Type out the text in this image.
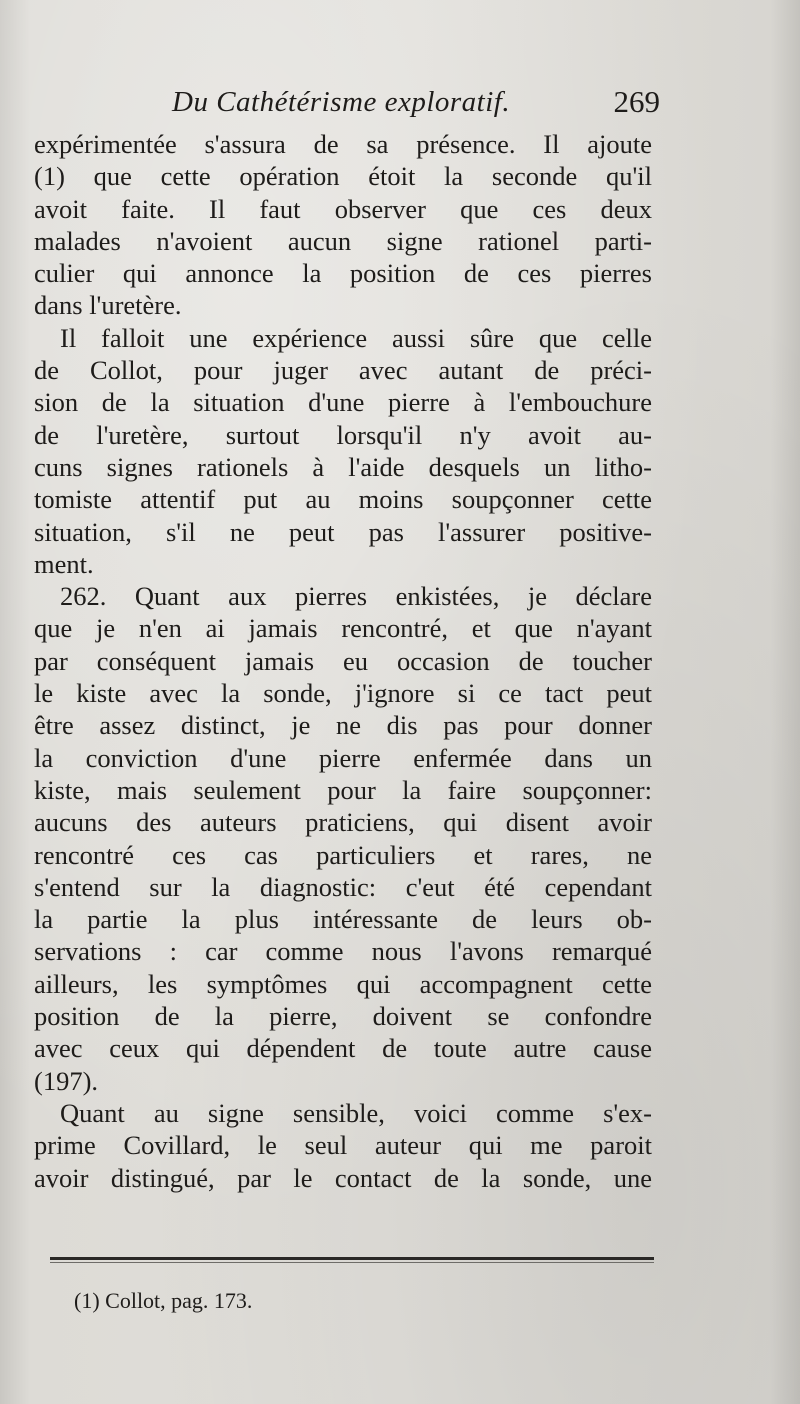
Du Cathétérisme exploratif.	269
expérimentée s'assura de sa présence. Il ajoute
(1) que cette opération étoit la seconde qu'il
avoit faite. Il faut observer que ces deux
malades n'avoient aucun signe rationel parti-
culier qui annonce la position de ces pierres
dans l'uretère.
Il falloit une expérience aussi sûre que celle
de Collot, pour juger avec autant de préci-
sion de la situation d'une pierre à l'embouchure
de l'uretère, surtout lorsqu'il n'y avoit au-
cuns signes rationels à l'aide desquels un litho-
tomiste attentif put au moins soupçonner cette
situation, s'il ne peut pas l'assurer positive-
ment.
262. Quant aux pierres enkistées, je déclare
que je n'en ai jamais rencontré, et que n'ayant
par conséquent jamais eu occasion de toucher
le kiste avec la sonde, j'ignore si ce tact peut
être assez distinct, je ne dis pas pour donner
la conviction d'une pierre enfermée dans un
kiste, mais seulement pour la faire soupçonner:
aucuns des auteurs praticiens, qui disent avoir
rencontré ces cas particuliers et rares, ne
s'entend sur la diagnostic: c'eut été cependant
la partie la plus intéressante de leurs ob-
servations : car comme nous l'avons remarqué
ailleurs, les symptômes qui accompagnent cette
position de la pierre, doivent se confondre
avec ceux qui dépendent de toute autre cause
(197).
Quant au signe sensible, voici comme s'ex-
prime Covillard, le seul auteur qui me paroit
avoir distingué, par le contact de la sonde, une
(1) Collot, pag. 173.
